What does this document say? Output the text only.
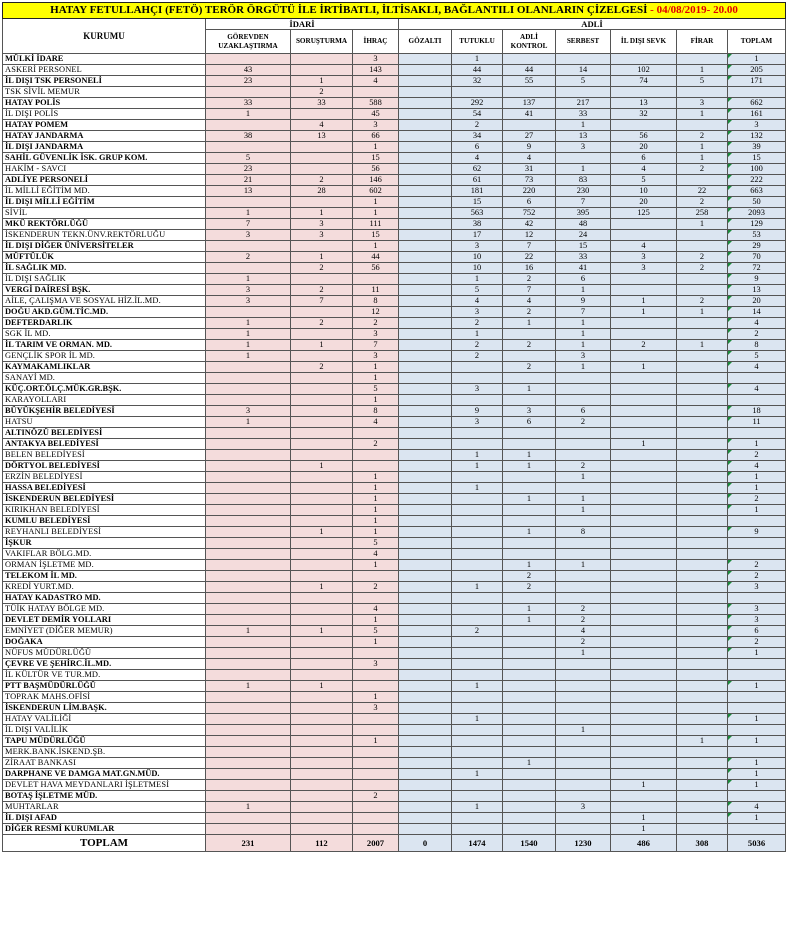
HATAY FETULLAHÇI (FETÖ) TERÖR ÖRGÜTÜ İLE İRTİBATLI, İLTİSAKLI, BAĞLANTILI OLANLARIN ÇİZELGESİ - 04/08/2019- 20.00										
KURUMU	İDARİ			ADLİ						
	GÖREVDEN UZAKLAŞTIRMA	SORUŞTURMA	İHRAÇ	GÖZALTI	TUTUKLU	ADLİ KONTROL	SERBEST	İL DIŞI SEVK	FİRAR	TOPLAM
MÜLKİ İDARE			3		1					1
ASKERİ PERSONEL	43		143		44	44	14	102	1	205
İL DIŞI TSK PERSONELİ	23	1	4		32	55	5	74	5	171
TSK SİVİL MEMUR		2								
HATAY POLİS	33	33	588		292	137	217	13	3	662
İL DIŞI POLİS	1		45		54	41	33	32	1	161
HATAY POMEM		4	3		2		1			3
HATAY JANDARMA	38	13	66		34	27	13	56	2	132
İL DIŞI JANDARMA			1		6	9	3	20	1	39
SAHİL GÜVENLİK İSK. GRUP KOM.	5		15		4	4		6	1	15
HAKİM - SAVCI	23		56		62	31	1	4	2	100
ADLİYE PERSONELİ	21	2	146		61	73	83	5		222
İL MİLLİ EĞİTİM MD.	13	28	602		181	220	230	10	22	663
İL DIŞI MİLLİ EĞİTİM			1		15	6	7	20	2	50
SİVİL	1	1	1		563	752	395	125	258	2093
MKÜ REKTÖRLÜĞÜ	7	3	111		38	42	48		1	129
İSKENDERUN TEKN.ÜNV.REKTÖRLUĞU	3	3	15		17	12	24			53
İL DIŞI DİĞER ÜNİVERSİTELER			1		3	7	15	4		29
MÜFTÜLÜK	2	1	44		10	22	33	3	2	70
İL SAĞLIK MD.		2	56		10	16	41	3	2	72
İL DIŞI SAĞLIK	1				1	2	6			9
VERGİ DAİRESİ BŞK.	3	2	11		5	7	1			13
AİLE, ÇALIŞMA VE SOSYAL HİZ.İL.MD.	3	7	8		4	4	9	1	2	20
DOĞU AKD.GÜM.TİC.MD.			12		3	2	7	1	1	14
DEFTERDARLIK	1	2	2		2	1	1			4
SGK İL MD.	1		3		1		1			2
İL TARIM VE ORMAN. MD.	1	1	7		2	2	1	2	1	8
GENÇLİK SPOR İL MD.	1		3		2		3			5
KAYMAKAMLIKLAR		2	1			2	1	1		4
SANAYİ MD.			1							
KÜÇ.ORT.ÖLÇ.MÜK.GR.BŞK.			5		3	1				4
KARAYOLLARI			1							
BÜYÜKŞEHİR BELEDİYESİ	3		8		9	3	6			18
HATSU	1		4		3	6	2			11
ALTINÖZÜ BELEDİYESİ										
ANTAKYA BELEDİYESİ			2					1		1
BELEN BELEDİYESİ					1	1				2
DÖRTYOL BELEDİYESİ		1			1	1	2			4
ERZİN BELEDİYESİ			1				1			1
HASSA BELEDİYESİ			1		1					1
İSKENDERUN BELEDİYESİ			1			1	1			2
KIRIKHAN BELEDİYESİ			1				1			1
KUMLU BELEDİYESİ			1							
REYHANLI BELEDİYESİ		1	1			1	8			9
İŞKUR			5							
VAKIFLAR BÖLG.MD.			4							
ORMAN İŞLETME MD.			1			1	1			2
TELEKOM İL MD.						2				2
KREDİ YURT.MD.		1	2		1	2				3
HATAY KADASTRO MD.										
TÜİK HATAY BÖLGE MD.			4			1	2			3
DEVLET DEMİR YOLLARI			1			1	2			3
EMNİYET (DİĞER MEMUR)	1	1	5		2		4			6
DOĞAKA			1				2			2
NÜFUS MÜDÜRLÜĞÜ							1			1
ÇEVRE VE ŞEHİRC.İL.MD.			3							
İL KÜLTÜR VE TUR.MD.										
PTT BAŞMÜDÜRLÜĞÜ	1	1			1					1
TOPRAK MAHS.OFİSİ			1							
İSKENDERUN LİM.BAŞK.			3							
HATAY VALİLİĞİ					1					1
İL DIŞI VALİLİK							1			
TAPU MÜDÜRLÜĞÜ			1						1	1
MERK.BANK.İSKEND.ŞB.										
ZİRAAT BANKASI						1				1
DARPHANE VE DAMGA MAT.GN.MÜD.					1					1
DEVLET HAVA MEYDANLARI İŞLETMESİ								1		1
BOTAŞ İŞLETME MÜD.			2							
MUHTARLAR	1				1		3			4
İL DIŞI AFAD								1		1
DİĞER RESMİ KURUMLAR								1		
TOPLAM	231	112	2007	0	1474	1540	1230	486	308	5036
